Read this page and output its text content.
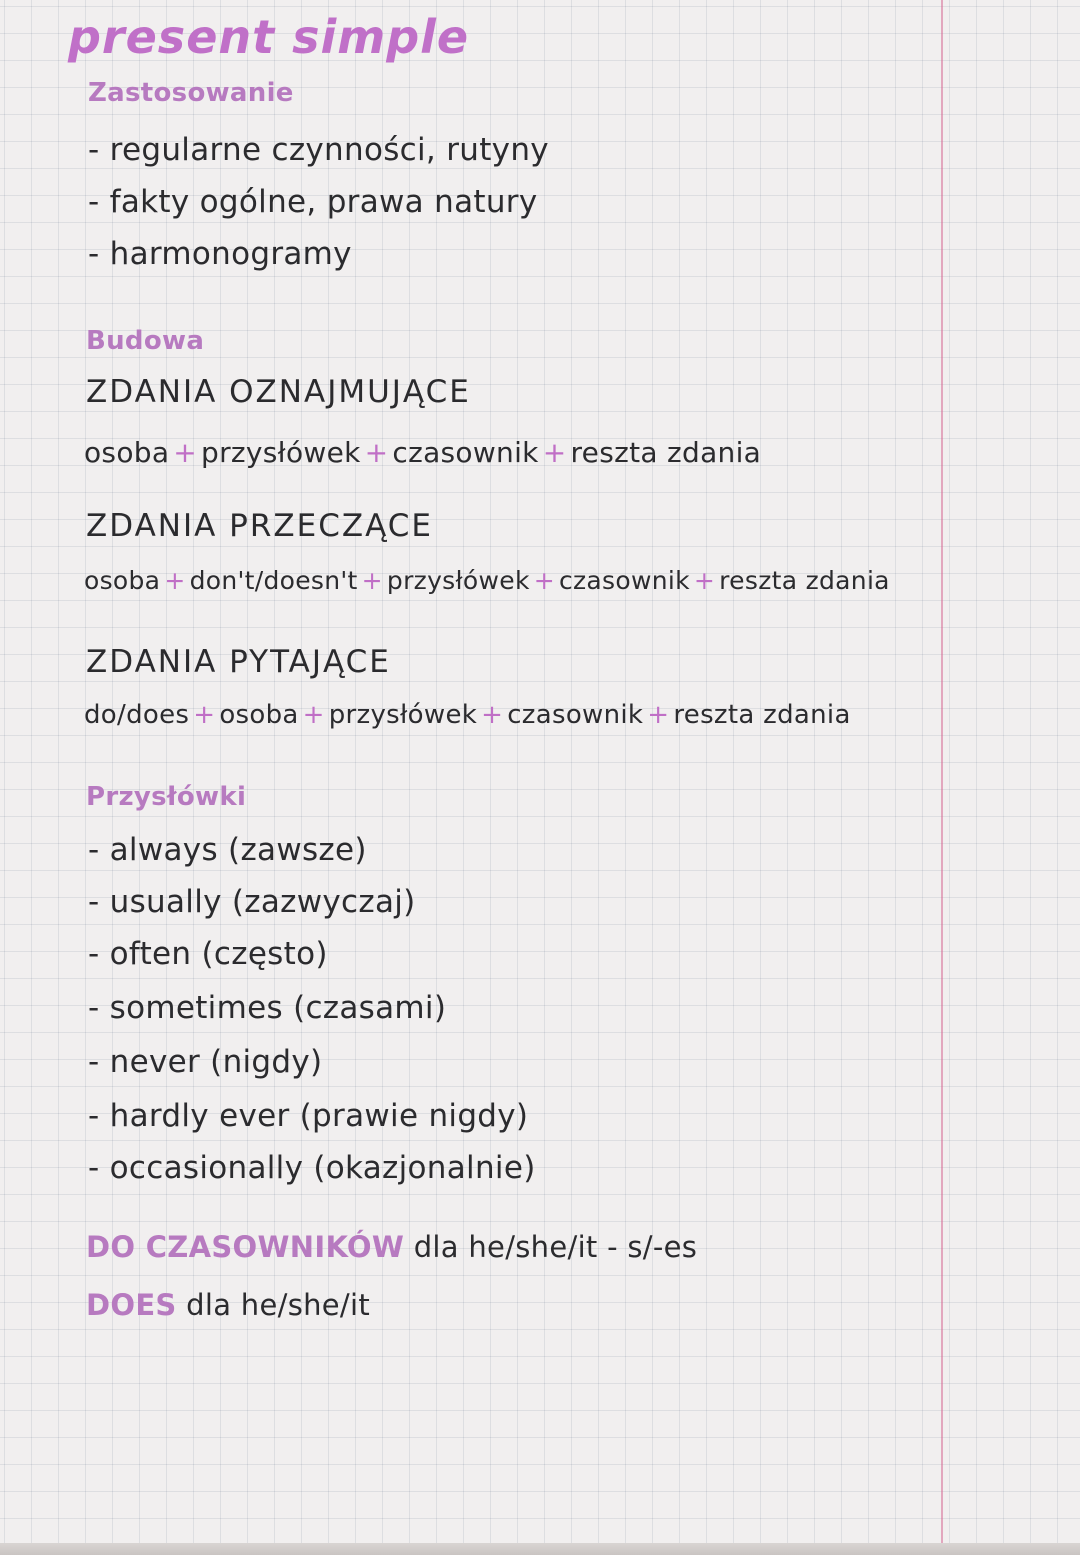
present simple
Zastosowanie
- regularne czynności, rutyny
- fakty ogólne, prawa natury
- harmonogramy
Budowa
ZDANIA OZNAJMUJĄCE
osoba + przysłówek + czasownik + reszta zdania
ZDANIA PRZECZĄCE
osoba + don't/doesn't + przysłówek + czasownik + reszta zdania
ZDANIA PYTAJĄCE
do/does + osoba + przysłówek + czasownik + reszta zdania
Przysłówki
- always (zawsze)
- usually (zazwyczaj)
- often (często)
- sometimes (czasami)
- never (nigdy)
- hardly ever (prawie nigdy)
- occasionally (okazjonalnie)
DO CZASOWNIKÓW dla he/she/it - s/-es
DOES dla he/she/it
